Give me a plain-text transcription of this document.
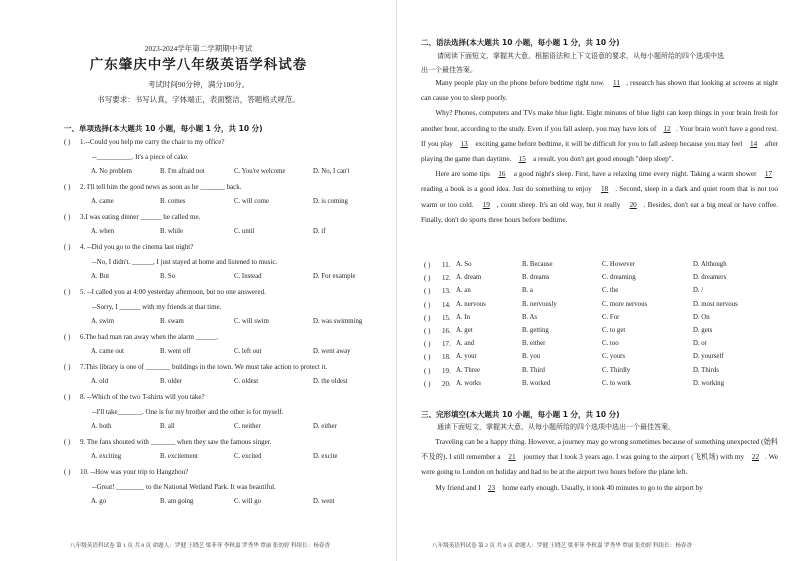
2023-2024学年第二学期期中考试
广东肇庆中学八年级英语学科试卷
考试时间90分钟，满分100分。
书写要求：书写认真，字体端正，表面整洁，答题格式规范。
一、单项选择(本大题共 10 小题，每小题 1 分，共 10 分)
( ) 1.--Could you help me carry the chair to my office?
--__________. It's a piece of cake.
A. No problem	B. I'm afraid not	C. You're welcome	D. No, I can't
( ) 2. I'll tell him the good news as soon as he _______ back.
A. came	B. comes	C. will come	D. is coming
( ) 3.I was eating dinner ______ he called me.
A. when	B. while	C. until	D. if
( ) 4. --Did you go to the cinema last night?
--No, I didn't. ______, I just stayed at home and listened to music.
A. But	B. So	C. Instead	D. For example
( ) 5. --I called you at 4:00 yesterday afternoon, but no one answered.
--Sorry, I ______ with my friends at that time.
A. swim	B. swam	C. will swim	D. was swimming
( ) 6.The bad man ran away when the alarm ______.
A. came out	B. went off	C. left out	D. went away
( ) 7.This library is one of _______ buildings in the town. We must take action to protect it.
A. old	B. older	C. oldest	D. the oldest
( ) 8. --Which of the two T-shirts will you take?
--I'll take_______. One is for my brother and the other is for myself.
A. both	B. all	C. neither	D. either
( ) 9. The fans shouted with _______ when they saw the famous singer.
A. exciting	B. excitement	C. excited	D. excite
( ) 10. --How was your trip to Hangzhou?
--Great! ________ to the National Wetland Park. It was beautiful.
A. go	B. am going	C. will go	D. went
八年级英语科试卷 第 1 页 共 8 页 命题人：罗健 王晓艺 梁菲菲 李秋嘉 罗秀华 覃丽 张幼婷 科组长：杨春香
二、语法选择(本大题共 10 小题，每小题 1 分，共 10 分)
请阅读下面短文，掌握其大意，根据语法和上下文语意的要求，从每小题所给的四个选项中选
出一个最佳答案。
Many people play on the phone before bedtime right now.    11 , research has shown that looking at screens at night can cause you to sleep poorly.
Why? Phones, computers and TVs make blue light. Eight minutes of blue light can keep things in your brain fresh for another hour, according to the study. Even if you fall asleep, you may have lots of    12 . Your brain won't have a good rest. If you play    13    exciting game before bedtime, it will be difficult for you to fall asleep because you may feel    14    after playing the game than daytime.    15    a result, you don't get good enough "deep sleep".
Here are some tips    16    a good night's sleep. First, have a relaxing time every night. Taking a warm shower    17    reading a book is a good idea. Just do something to enjoy    18 . Second, sleep in a dark and quiet room that is not too warm or too cold.    19 , count sheep. It's an old way, but it really    20 . Besides, don't eat a big meal or have coffee. Finally, don't do sports three hours before bedtime.
( ) 11. A. So	B. Because	C. However	D. Although
( ) 12. A. dream	B. dreams	C. dreaming	D. dreamers
( ) 13. A. an	B. a	C. the	D. /
( ) 14. A. nervous	B. nervously	C. more nervous	D. most nervous
( ) 15. A. In	B. As	C. For	D. On
( ) 16. A. get	B. getting	C. to get	D. gets
( ) 17. A. and	B. either	C. too	D. or
( ) 18. A. your	B. you	C. yours	D. yourself
( ) 19. A. Three	B. Third	C. Thirdly	D. Thirds
( ) 20. A. works	B. worked	C. to work	D. working
三、完形填空(本大题共 10 小题，每小题 1 分，共 10 分)
通读下面短文，掌握其大意，从每小题所给的四个选项中选出一个最佳答案。
Traveling can be a happy thing. However, a journey may go wrong sometimes because of something unexpected (始料不及的). I still remember a    21    journey that I took 3 years ago. I was going to the airport (飞机场) with my    22 . We were going to London on holiday and had to be at the airport two hours before the plane left.
My friend and I    23    home early enough. Usually, it took 40 minutes to go to the airport by
八年级英语科试卷 第 2 页 共 8 页 命题人：罗健 王晓艺 梁菲菲 李秋嘉 罗秀华 覃丽 张幼婷 科组长：杨春香
